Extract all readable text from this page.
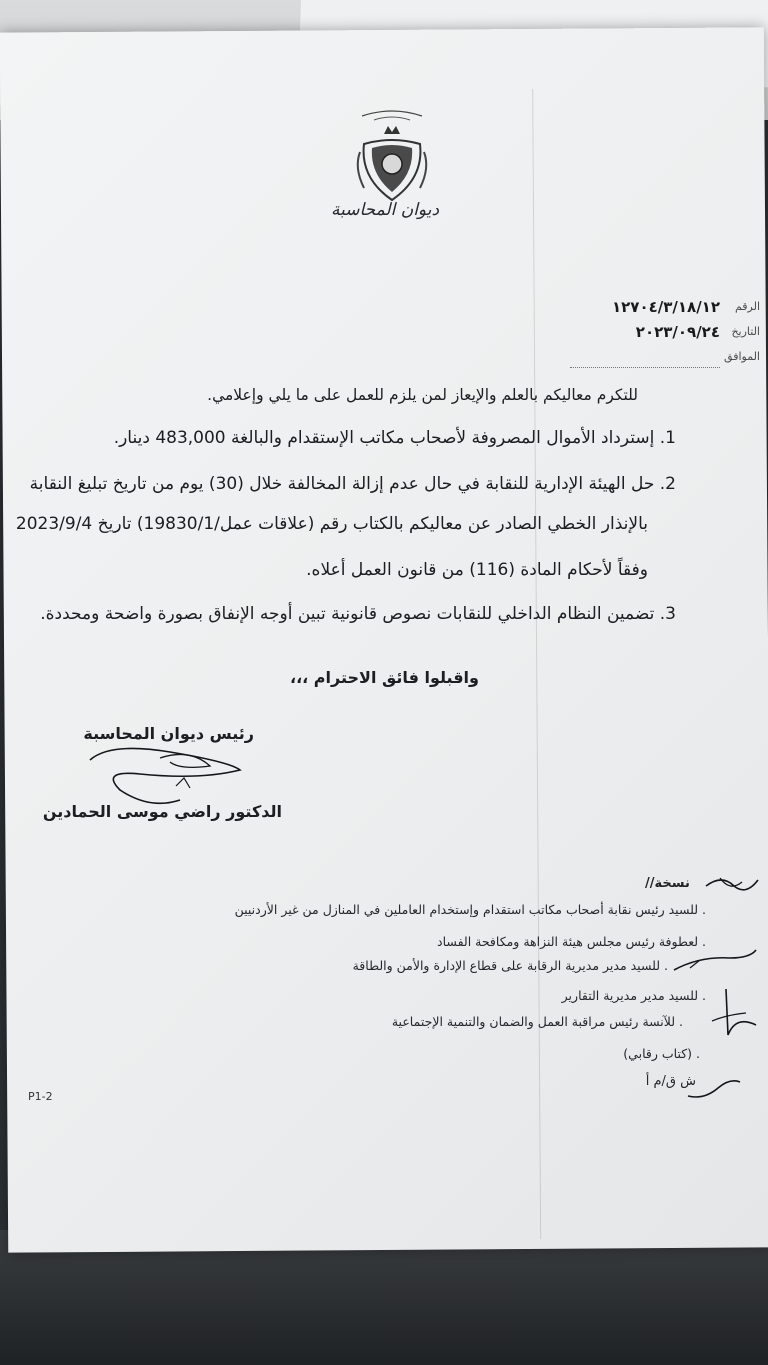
ديوان المحاسبة
الرقم
١٢٧٠٤/٣/١٨/١٢
التاريخ
٢٠٢٣/٠٩/٢٤
الموافق
للتكرم معاليكم بالعلم والإيعاز لمن يلزم للعمل على ما يلي وإعلامي.
1. إسترداد الأموال المصروفة لأصحاب مكاتب الإستقدام والبالغة 483,000 دينار.
2. حل الهيئة الإدارية للنقابة في حال عدم إزالة المخالفة خلال (30) يوم من تاريخ تبليغ النقابة
بالإنذار الخطي الصادر عن معاليكم بالكتاب رقم (علاقات عمل/19830/1) تاريخ 2023/9/4
وفقاً لأحكام المادة (116) من قانون العمل أعلاه.
3. تضمين النظام الداخلي للنقابات نصوص قانونية تبين أوجه الإنفاق بصورة واضحة ومحددة.
واقبلوا فائق الاحترام ،،،
رئيس ديوان المحاسبة
الدكتور راضي موسى الحمادين
نسخة//
. للسيد رئيس نقابة أصحاب مكاتب استقدام وإستخدام العاملين في المنازل من غير الأردنيين
. لعطوفة رئيس مجلس هيئة النزاهة ومكافحة الفساد
. للسيد مدير مديرية الرقابة على قطاع الإدارة والأمن والطاقة
. للسيد مدير مديرية التقارير
. للآنسة رئيس مراقبة العمل والضمان والتنمية الإجتماعية
. (كتاب رقابي)
ش ق/م أ
P1-2
